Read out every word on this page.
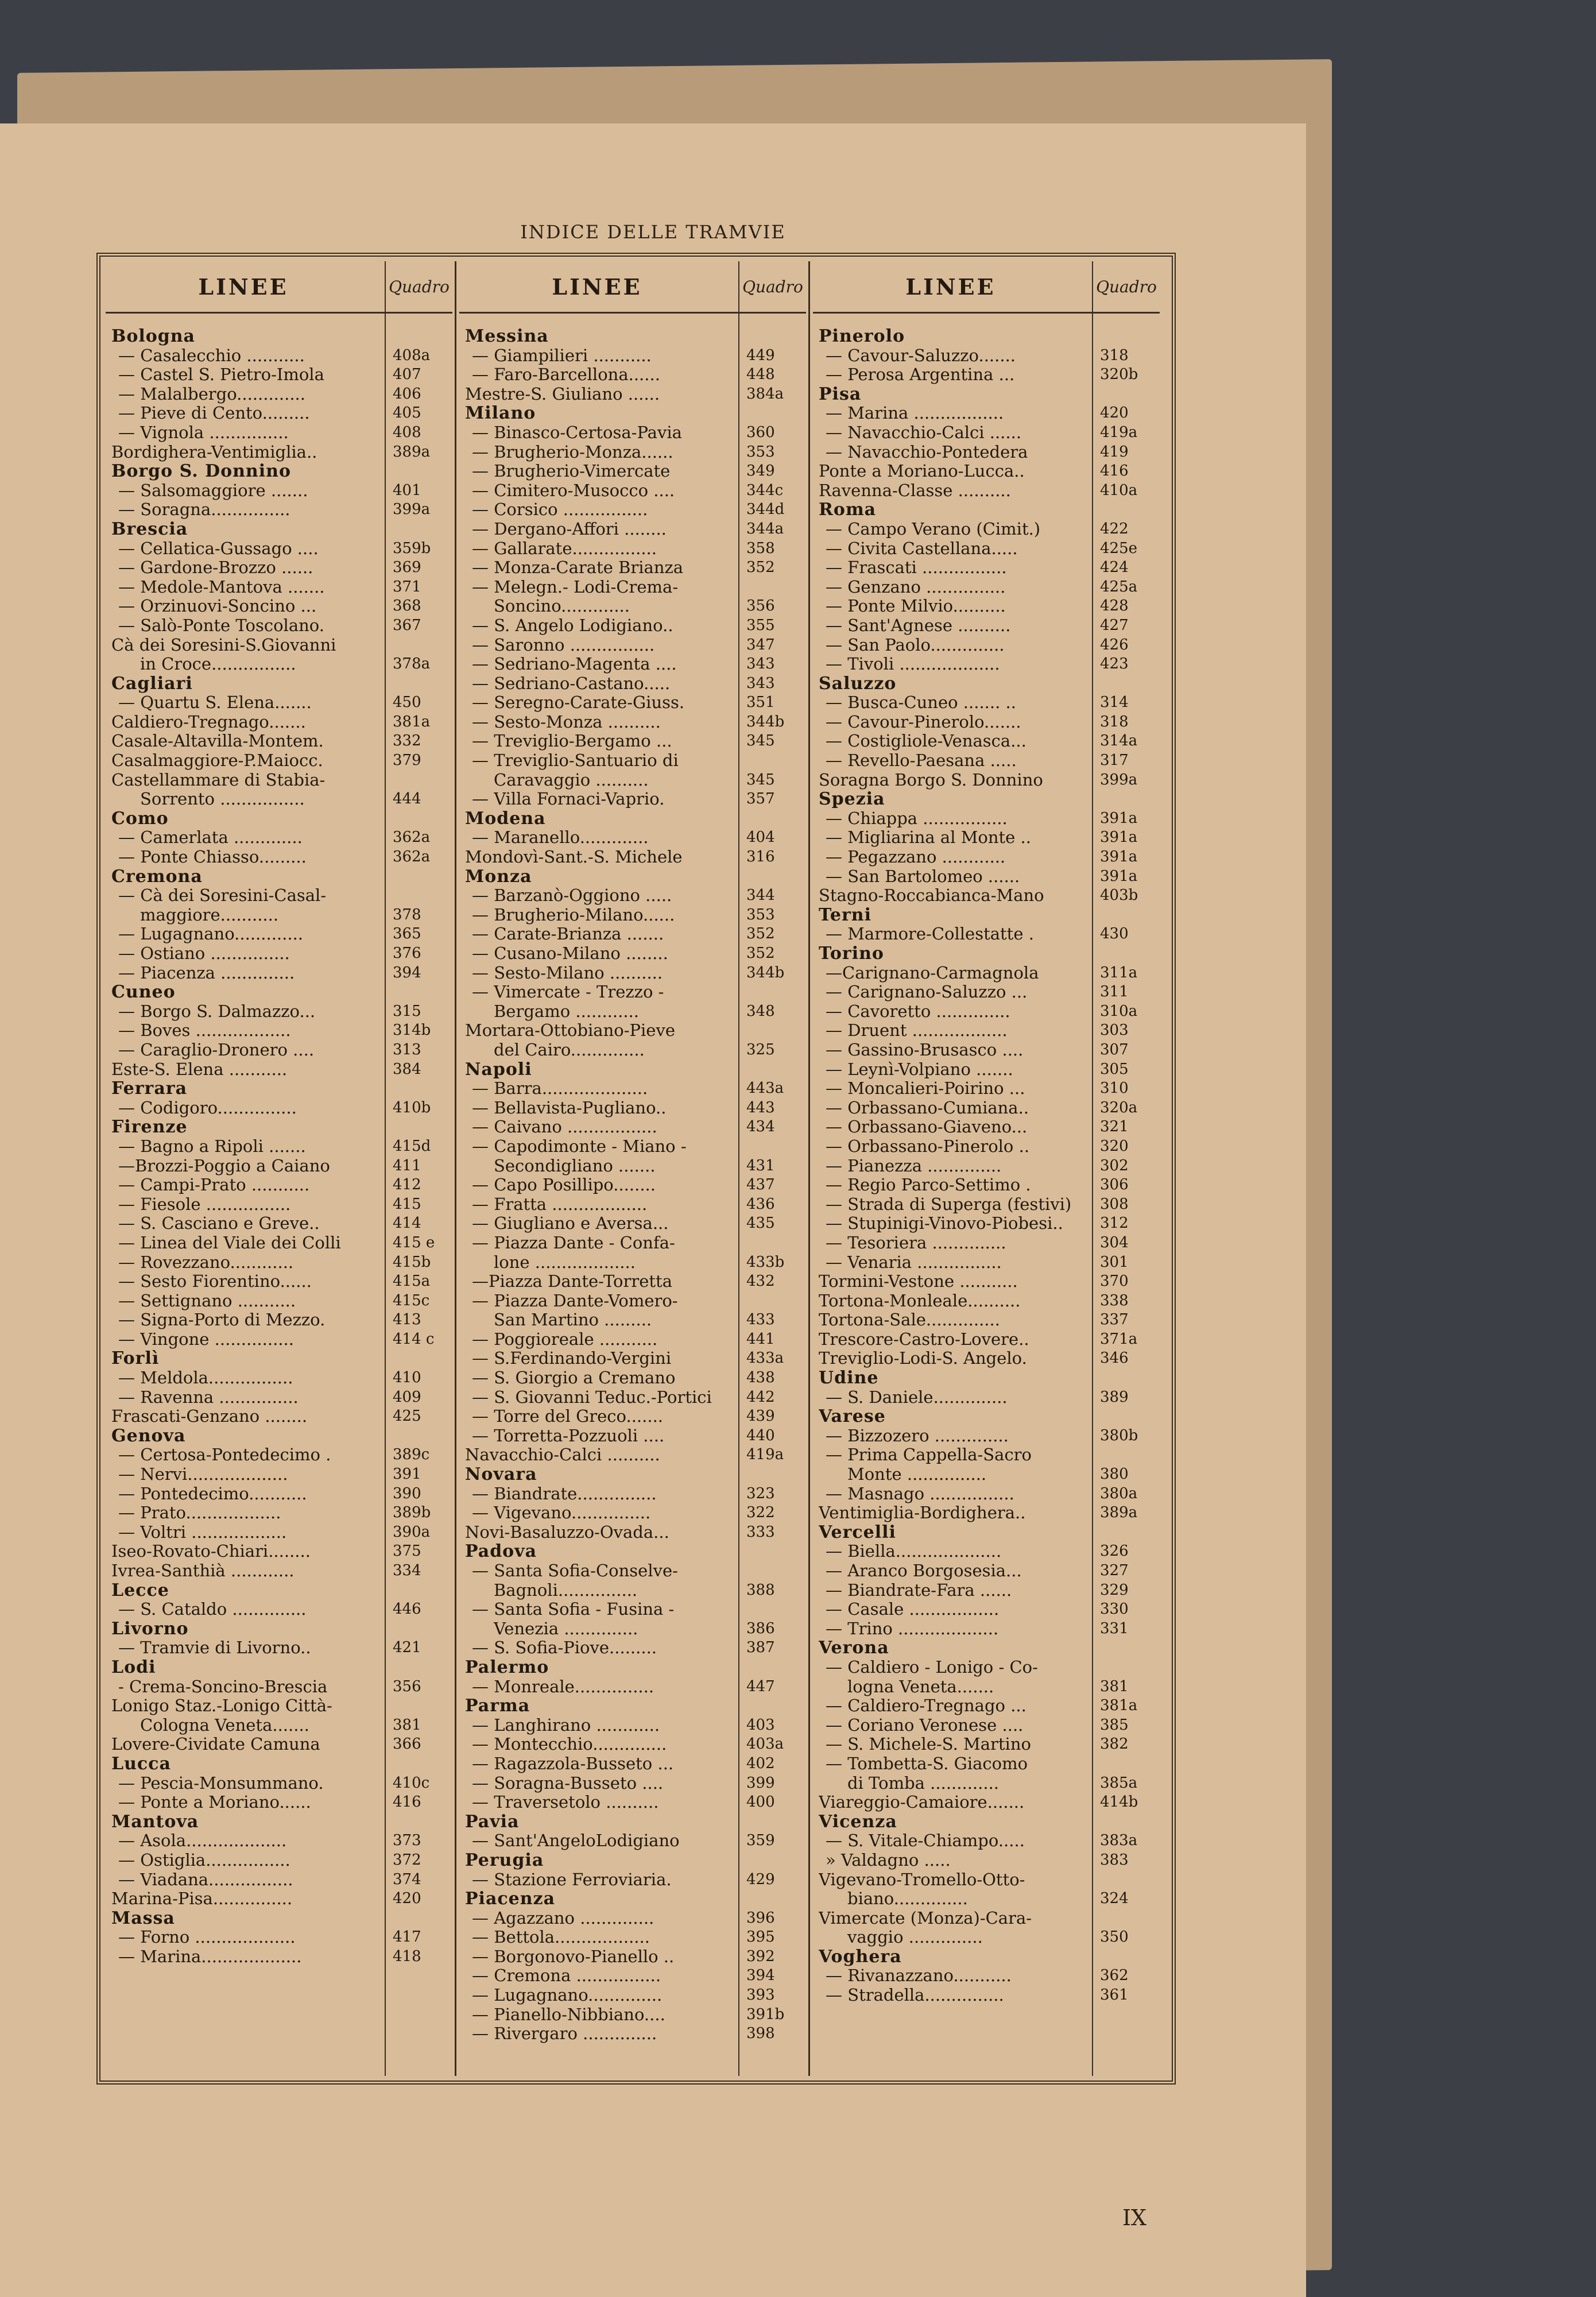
INDICE DELLE TRAMVIE
LINEE	Quadro
Bologna
— Casalecchio ...........	408a
— Castel S. Pietro-Imola	407
— Malalbergo.............	406
— Pieve di Cento.........	405
— Vignola ...............	408
Bordighera-Ventimiglia..	389a
Borgo S. Donnino
— Salsomaggiore .......	401
— Soragna...............	399a
Brescia
— Cellatica-Gussago ....	359b
— Gardone-Brozzo ......	369
— Medole-Mantova .......	371
— Orzinuovi-Soncino ...	368
— Salò-Ponte Toscolano.	367
Cà dei Soresini-S.Giovanni
in Croce................	378a
Cagliari
— Quartu S. Elena.......	450
Caldiero-Tregnago.......	381a
Casale-Altavilla-Montem.	332
Casalmaggiore-P.Maiocc.	379
Castellammare di Stabia-
Sorrento ................	444
Como
— Camerlata .............	362a
— Ponte Chiasso.........	362a
Cremona
— Cà dei Soresini-Casal-
maggiore...........	378
— Lugagnano.............	365
— Ostiano ...............	376
— Piacenza ..............	394
Cuneo
— Borgo S. Dalmazzo...	315
— Boves ..................	314b
— Caraglio-Dronero ....	313
Este-S. Elena ...........	384
Ferrara
— Codigoro...............	410b
Firenze
— Bagno a Ripoli .......	415d
—Brozzi-Poggio a Caiano	411
— Campi-Prato ...........	412
— Fiesole ................	415
— S. Casciano e Greve..	414
— Linea del Viale dei Colli	415 e
— Rovezzano............	415b
— Sesto Fiorentino......	415a
— Settignano ...........	415c
— Signa-Porto di Mezzo.	413
— Vingone ...............	414 c
Forlì
— Meldola................	410
— Ravenna ...............	409
Frascati-Genzano ........	425
Genova
— Certosa-Pontedecimo .	389c
— Nervi...................	391
— Pontedecimo...........	390
— Prato..................	389b
— Voltri ..................	390a
Iseo-Rovato-Chiari........	375
Ivrea-Santhià ............	334
Lecce
— S. Cataldo ..............	446
Livorno
— Tramvie di Livorno..	421
Lodi
- Crema-Soncino-Brescia	356
Lonigo Staz.-Lonigo Città-
Cologna Veneta.......	381
Lovere-Cividate Camuna	366
Lucca
— Pescia-Monsummano.	410c
— Ponte a Moriano......	416
Mantova
— Asola...................	373
— Ostiglia................	372
— Viadana................	374
Marina-Pisa...............	420
Massa
— Forno ...................	417
— Marina...................	418
LINEE	Quadro
Messina
— Giampilieri ...........	449
— Faro-Barcellona......	448
Mestre-S. Giuliano ......	384a
Milano
— Binasco-Certosa-Pavia	360
— Brugherio-Monza......	353
— Brugherio-Vimercate	349
— Cimitero-Musocco ....	344c
— Corsico ................	344d
— Dergano-Affori ........	344a
— Gallarate................	358
— Monza-Carate Brianza	352
— Melegn.- Lodi-Crema-
Soncino.............	356
— S. Angelo Lodigiano..	355
— Saronno ................	347
— Sedriano-Magenta ....	343
— Sedriano-Castano.....	343
— Seregno-Carate-Giuss.	351
— Sesto-Monza ..........	344b
— Treviglio-Bergamo ...	345
— Treviglio-Santuario di
Caravaggio ..........	345
— Villa Fornaci-Vaprio.	357
Modena
— Maranello.............	404
Mondovì-Sant.-S. Michele	316
Monza
— Barzanò-Oggiono .....	344
— Brugherio-Milano......	353
— Carate-Brianza .......	352
— Cusano-Milano ........	352
— Sesto-Milano ..........	344b
— Vimercate - Trezzo -
Bergamo ............	348
Mortara-Ottobiano-Pieve
del Cairo..............	325
Napoli
— Barra....................	443a
— Bellavista-Pugliano..	443
— Caivano .................	434
— Capodimonte - Miano -
Secondigliano .......	431
— Capo Posillipo........	437
— Fratta ..................	436
— Giugliano e Aversa...	435
— Piazza Dante - Confa-
lone ...................	433b
—Piazza Dante-Torretta	432
— Piazza Dante-Vomero-
San Martino .........	433
— Poggioreale ...........	441
— S.Ferdinando-Vergini	433a
— S. Giorgio a Cremano	438
— S. Giovanni Teduc.-Portici	442
— Torre del Greco.......	439
— Torretta-Pozzuoli ....	440
Navacchio-Calci ..........	419a
Novara
— Biandrate...............	323
— Vigevano...............	322
Novi-Basaluzzo-Ovada...	333
Padova
— Santa Sofia-Conselve-
Bagnoli...............	388
— Santa Sofia - Fusina -
Venezia ..............	386
— S. Sofia-Piove.........	387
Palermo
— Monreale...............	447
Parma
— Langhirano ............	403
— Montecchio..............	403a
— Ragazzola-Busseto ...	402
— Soragna-Busseto ....	399
— Traversetolo ..........	400
Pavia
— Sant'AngeloLodigiano	359
Perugia
— Stazione Ferroviaria.	429
Piacenza
— Agazzano ..............	396
— Bettola..................	395
— Borgonovo-Pianello ..	392
— Cremona ................	394
— Lugagnano..............	393
— Pianello-Nibbiano....	391b
— Rivergaro ..............	398
LINEE	Quadro
Pinerolo
— Cavour-Saluzzo.......	318
— Perosa Argentina ...	320b
Pisa
— Marina .................	420
— Navacchio-Calci ......	419a
— Navacchio-Pontedera	419
Ponte a Moriano-Lucca..	416
Ravenna-Classe ..........	410a
Roma
— Campo Verano (Cimit.)	422
— Civita Castellana.....	425e
— Frascati ................	424
— Genzano ...............	425a
— Ponte Milvio..........	428
— Sant'Agnese ..........	427
— San Paolo..............	426
— Tivoli ...................	423
Saluzzo
— Busca-Cuneo ....... ..	314
— Cavour-Pinerolo.......	318
— Costigliole-Venasca...	314a
— Revello-Paesana .....	317
Soragna Borgo S. Donnino	399a
Spezia
— Chiappa ................	391a
— Migliarina al Monte ..	391a
— Pegazzano ............	391a
— San Bartolomeo ......	391a
Stagno-Roccabianca-Mano	403b
Terni
— Marmore-Collestatte .	430
Torino
—Carignano-Carmagnola	311a
— Carignano-Saluzzo ...	311
— Cavoretto ..............	310a
— Druent ..................	303
— Gassino-Brusasco ....	307
— Leynì-Volpiano .......	305
— Moncalieri-Poirino ...	310
— Orbassano-Cumiana..	320a
— Orbassano-Giaveno...	321
— Orbassano-Pinerolo ..	320
— Pianezza ..............	302
— Regio Parco-Settimo .	306
— Strada di Superga (festivi)	308
— Stupinigi-Vinovo-Piobesi..	312
— Tesoriera ..............	304
— Venaria ................	301
Tormini-Vestone ...........	370
Tortona-Monleale..........	338
Tortona-Sale..............	337
Trescore-Castro-Lovere..	371a
Treviglio-Lodi-S. Angelo.	346
Udine
— S. Daniele..............	389
Varese
— Bizzozero ..............	380b
— Prima Cappella-Sacro
Monte ...............	380
— Masnago ................	380a
Ventimiglia-Bordighera..	389a
Vercelli
— Biella....................	326
— Aranco Borgosesia...	327
— Biandrate-Fara ......	329
— Casale .................	330
— Trino ...................	331
Verona
— Caldiero - Lonigo - Co-
logna Veneta.......	381
— Caldiero-Tregnago ...	381a
— Coriano Veronese ....	385
— S. Michele-S. Martino	382
— Tombetta-S. Giacomo
di Tomba .............	385a
Viareggio-Camaiore.......	414b
Vicenza
— S. Vitale-Chiampo.....	383a
» Valdagno .....	383
Vigevano-Tromello-Otto-
biano..............	324
Vimercate (Monza)-Cara-
vaggio ..............	350
Voghera
— Rivanazzano...........	362
— Stradella...............	361
IX
